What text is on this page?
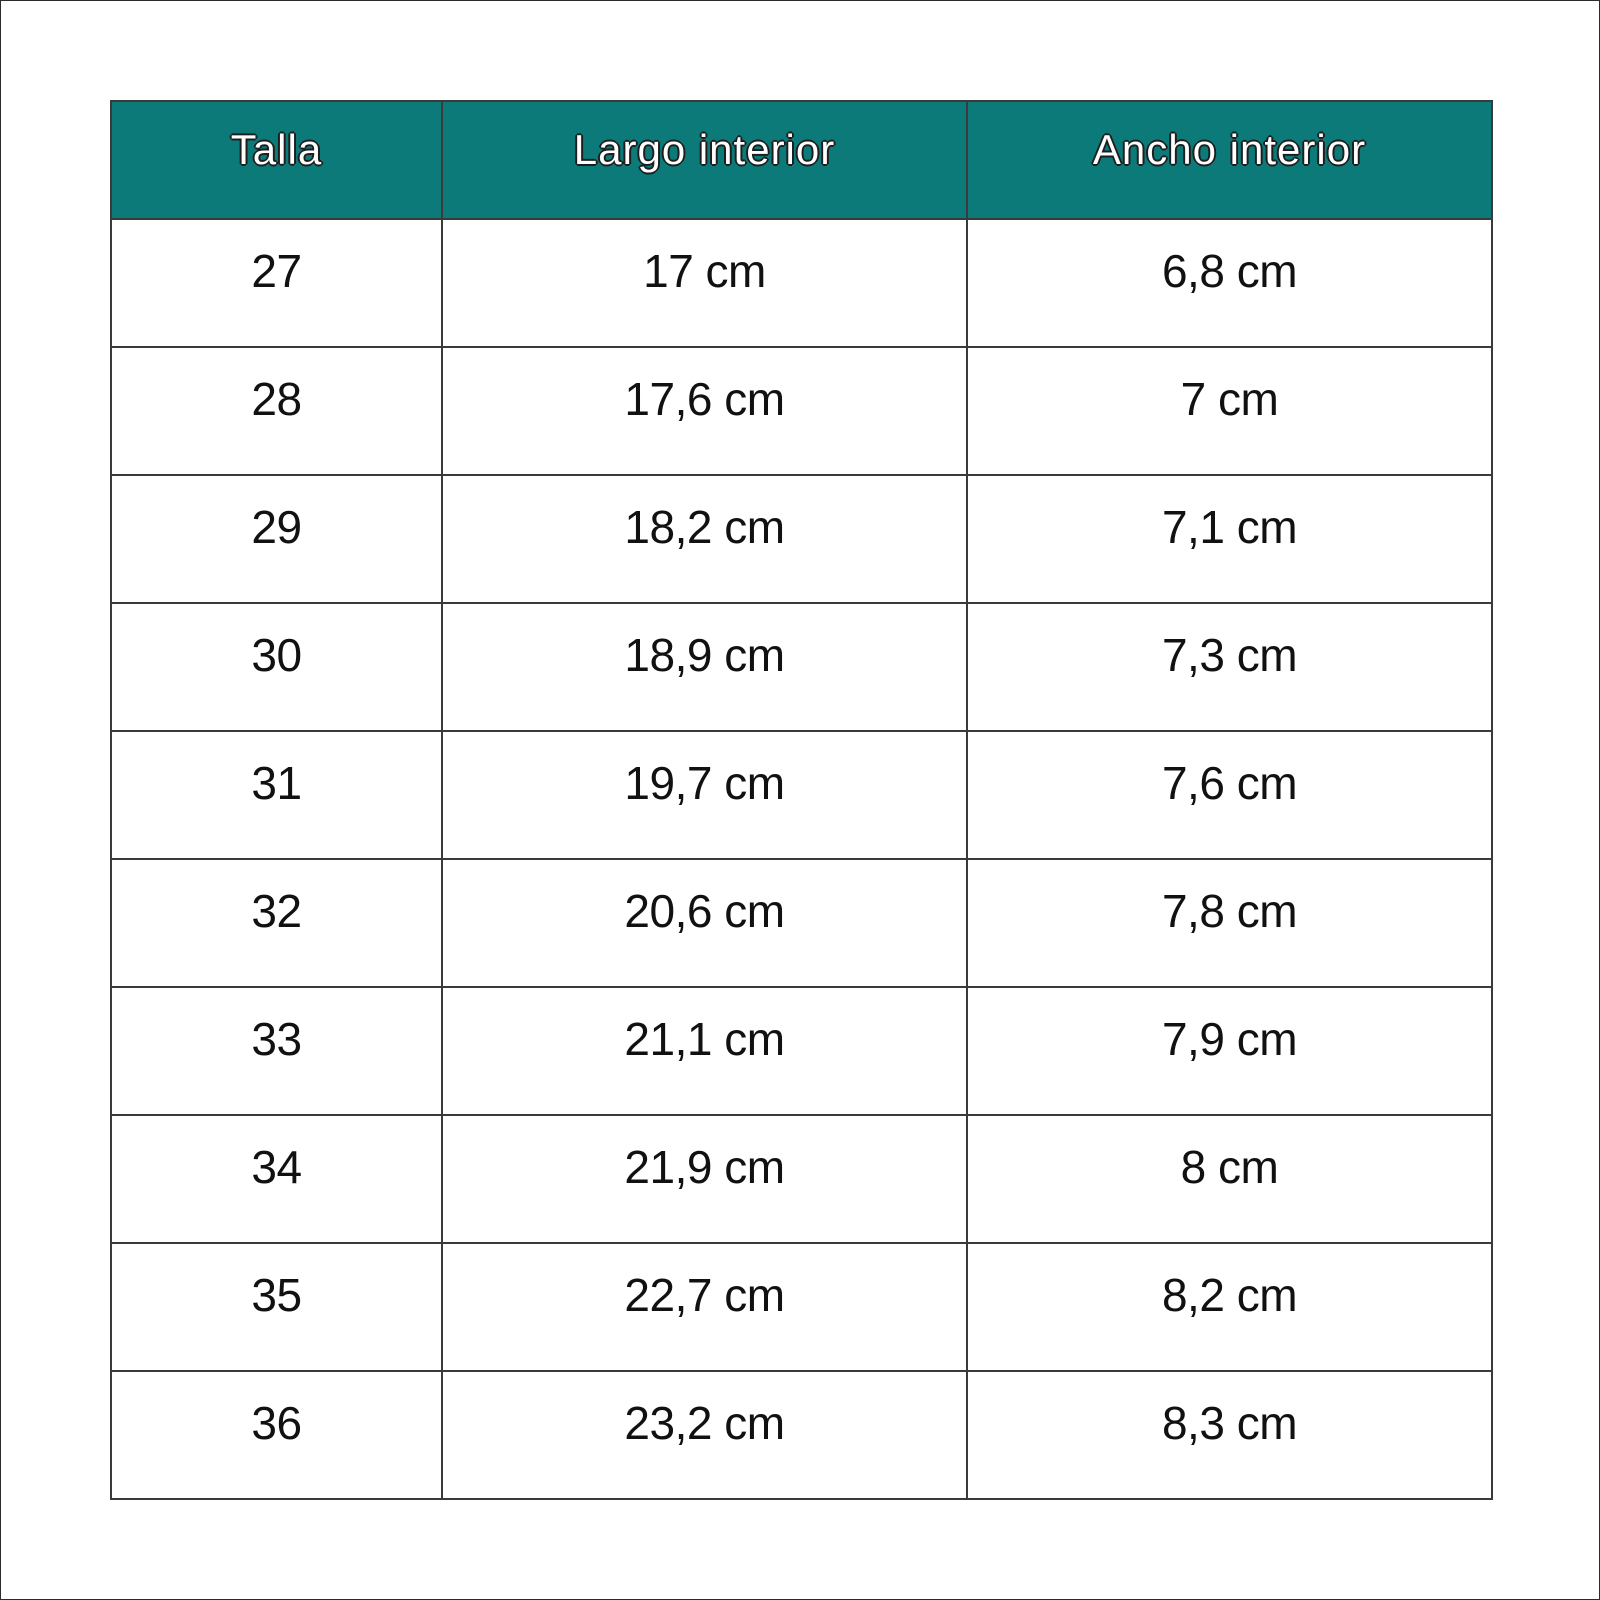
Talla	Largo interior	Ancho interior
27	17 cm	6,8 cm
28	17,6 cm	7 cm
29	18,2 cm	7,1 cm
30	18,9 cm	7,3 cm
31	19,7 cm	7,6 cm
32	20,6 cm	7,8 cm
33	21,1 cm	7,9 cm
34	21,9 cm	8 cm
35	22,7 cm	8,2 cm
36	23,2 cm	8,3 cm
